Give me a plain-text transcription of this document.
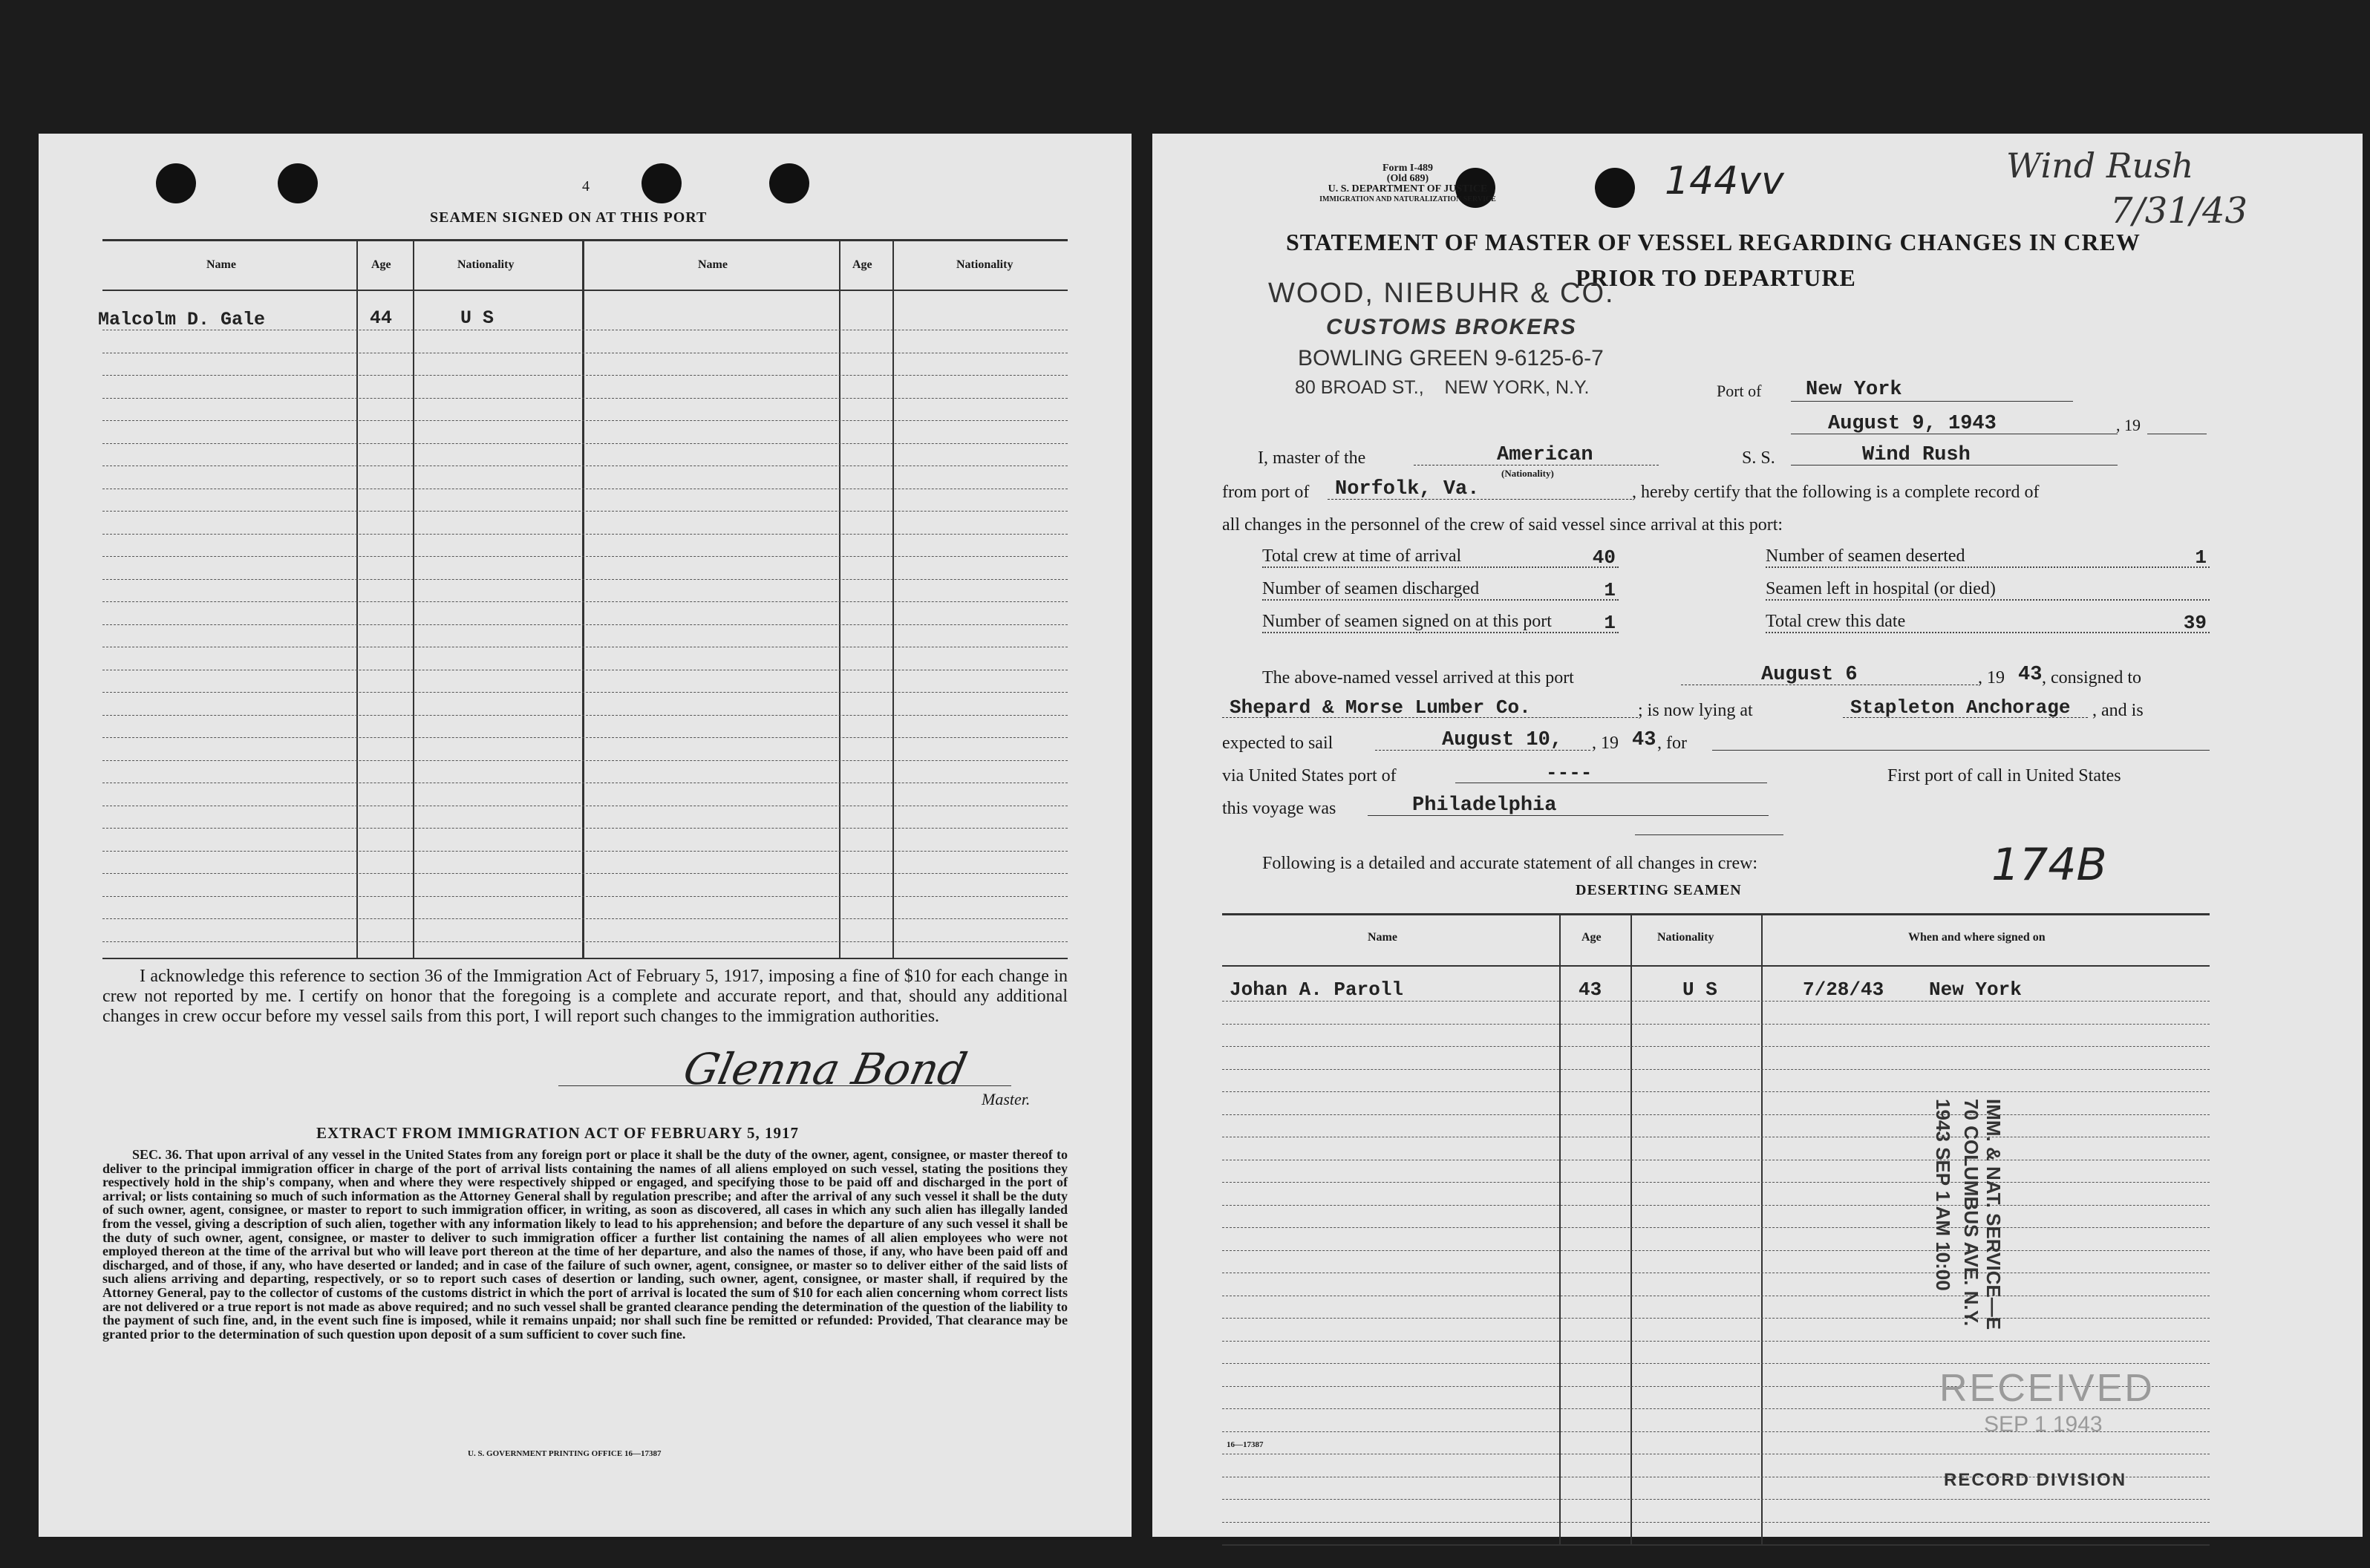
4
SEAMEN SIGNED ON AT THIS PORT
Name	Age	Nationality	Name	Age	Nationality
Malcolm D. Gale	44	U S
I acknowledge this reference to section 36 of the Immigration Act of February 5, 1917, imposing a fine of $10 for each change in crew not reported by me. I certify on honor that the foregoing is a complete and accurate report, and that, should any additional changes in crew occur before my vessel sails from this port, I will report such changes to the immigration authorities.
Glenna Bond
Master.
EXTRACT FROM IMMIGRATION ACT OF FEBRUARY 5, 1917
SEC. 36. That upon arrival of any vessel in the United States from any foreign port or place it shall be the duty of the owner, agent, consignee, or master thereof to deliver to the principal immigration officer in charge of the port of arrival lists containing the names of all aliens employed on such vessel, stating the positions they respectively hold in the ship's company, when and where they were respectively shipped or engaged, and specifying those to be paid off and discharged in the port of arrival; or lists containing so much of such information as the Attorney General shall by regulation prescribe; and after the arrival of any such vessel it shall be the duty of such owner, agent, consignee, or master to report to such immigration officer, in writing, as soon as discovered, all cases in which any such alien has illegally landed from the vessel, giving a description of such alien, together with any information likely to lead to his apprehension; and before the departure of any such vessel it shall be the duty of such owner, agent, consignee, or master to deliver to such immigration officer a further list containing the names of all alien employees who were not employed thereon at the time of the arrival but who will leave port thereon at the time of her departure, and also the names of those, if any, who have been paid off and discharged, and of those, if any, who have deserted or landed; and in case of the failure of such owner, agent, consignee, or master so to deliver either of the said lists of such aliens arriving and departing, respectively, or so to report such cases of desertion or landing, such owner, agent, consignee, or master shall, if required by the Attorney General, pay to the collector of customs of the customs district in which the port of arrival is located the sum of $10 for each alien concerning whom correct lists are not delivered or a true report is not made as above required; and no such vessel shall be granted clearance pending the determination of the question of the liability to the payment of such fine, and, in the event such fine is imposed, while it remains unpaid; nor shall such fine be remitted or refunded: Provided, That clearance may be granted prior to the determination of such question upon deposit of a sum sufficient to cover such fine.
U. S. GOVERNMENT PRINTING OFFICE 16—17387
Form I-489
(Old 689)
U. S. DEPARTMENT OF JUSTICE
IMMIGRATION AND NATURALIZATION SERVICE	144vv	Wind Rush
7/31/43
STATEMENT OF MASTER OF VESSEL REGARDING CHANGES IN CREW
PRIOR TO DEPARTURE
WOOD, NIEBUHR & CO.
CUSTOMS BROKERS
BOWLING GREEN 9-6125-6-7
80 BROAD ST.,    NEW YORK, N.Y.	Port of New York
August 9, 1943	, 19
I, master of the	American
(Nationality)
S. S.	Wind Rush
from port of Norfolk, Va.	, hereby certify that the following is a complete record of
all changes in the personnel of the crew of said vessel since arrival at this port:
Total crew at time of arrival	40
Number of seamen discharged	1
Number of seamen signed on at this port	1
Number of seamen deserted	1
Seamen left in hospital (or died)
Total crew this date	39
The above-named vessel arrived at this port	August 6	, 19 43 , consigned to
Shepard & Morse Lumber Co.	; is now lying at	Stapleton Anchorage , and is
expected to sail	August 10, , 19 43 , for
via United States port of	----	First port of call in United States
this voyage was	Philadelphia
Following is a detailed and accurate statement of all changes in crew:	174B
DESERTING SEAMEN
Name	Age	Nationality	When and where signed on
Johan A. Paroll	43	U S	7/28/43 New York
IMM. & NAT. SERVICE—E
70 COLUMBUS AVE. N.Y.
1943 SEP 1 AM 10:00
RECEIVED
SEP 1 1943
RECORD DIVISION
16—17387
